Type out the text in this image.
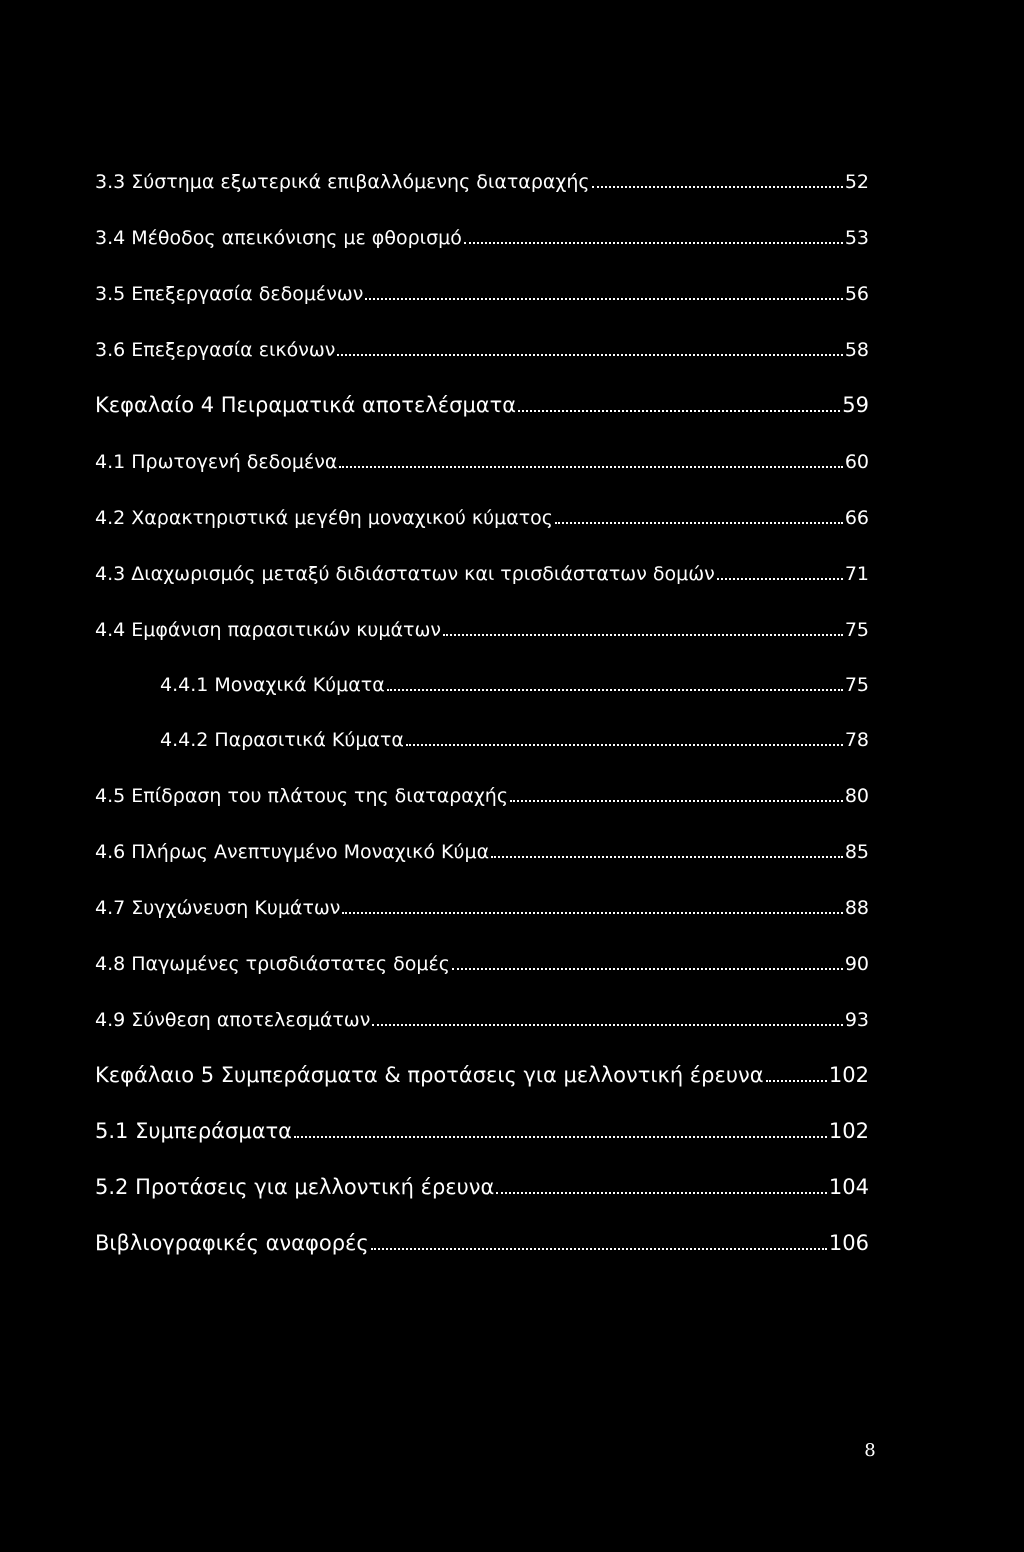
3.3 Σύστημα εξωτερικά επιβαλλόμενης διαταραχής	52
3.4 Μέθοδος απεικόνισης με φθορισμό	53
3.5 Επεξεργασία δεδομένων	56
3.6 Επεξεργασία εικόνων	58
Κεφαλαίο 4 Πειραματικά αποτελέσματα	59
4.1 Πρωτογενή δεδομένα	60
4.2 Χαρακτηριστικά μεγέθη μοναχικού κύματος	66
4.3 Διαχωρισμός μεταξύ διδιάστατων και τρισδιάστατων δομών	71
4.4 Εμφάνιση παρασιτικών κυμάτων	75
4.4.1 Μοναχικά Κύματα	75
4.4.2 Παρασιτικά Κύματα	78
4.5 Επίδραση του πλάτους της διαταραχής	80
4.6 Πλήρως Ανεπτυγμένο Μοναχικό Κύμα	85
4.7 Συγχώνευση Κυμάτων	88
4.8 Παγωμένες τρισδιάστατες δομές	90
4.9 Σύνθεση αποτελεσμάτων	93
Κεφάλαιο 5 Συμπεράσματα & προτάσεις για μελλοντική έρευνα	102
5.1 Συμπεράσματα	102
5.2 Προτάσεις για μελλοντική έρευνα	104
Βιβλιογραφικές αναφορές	106
8
